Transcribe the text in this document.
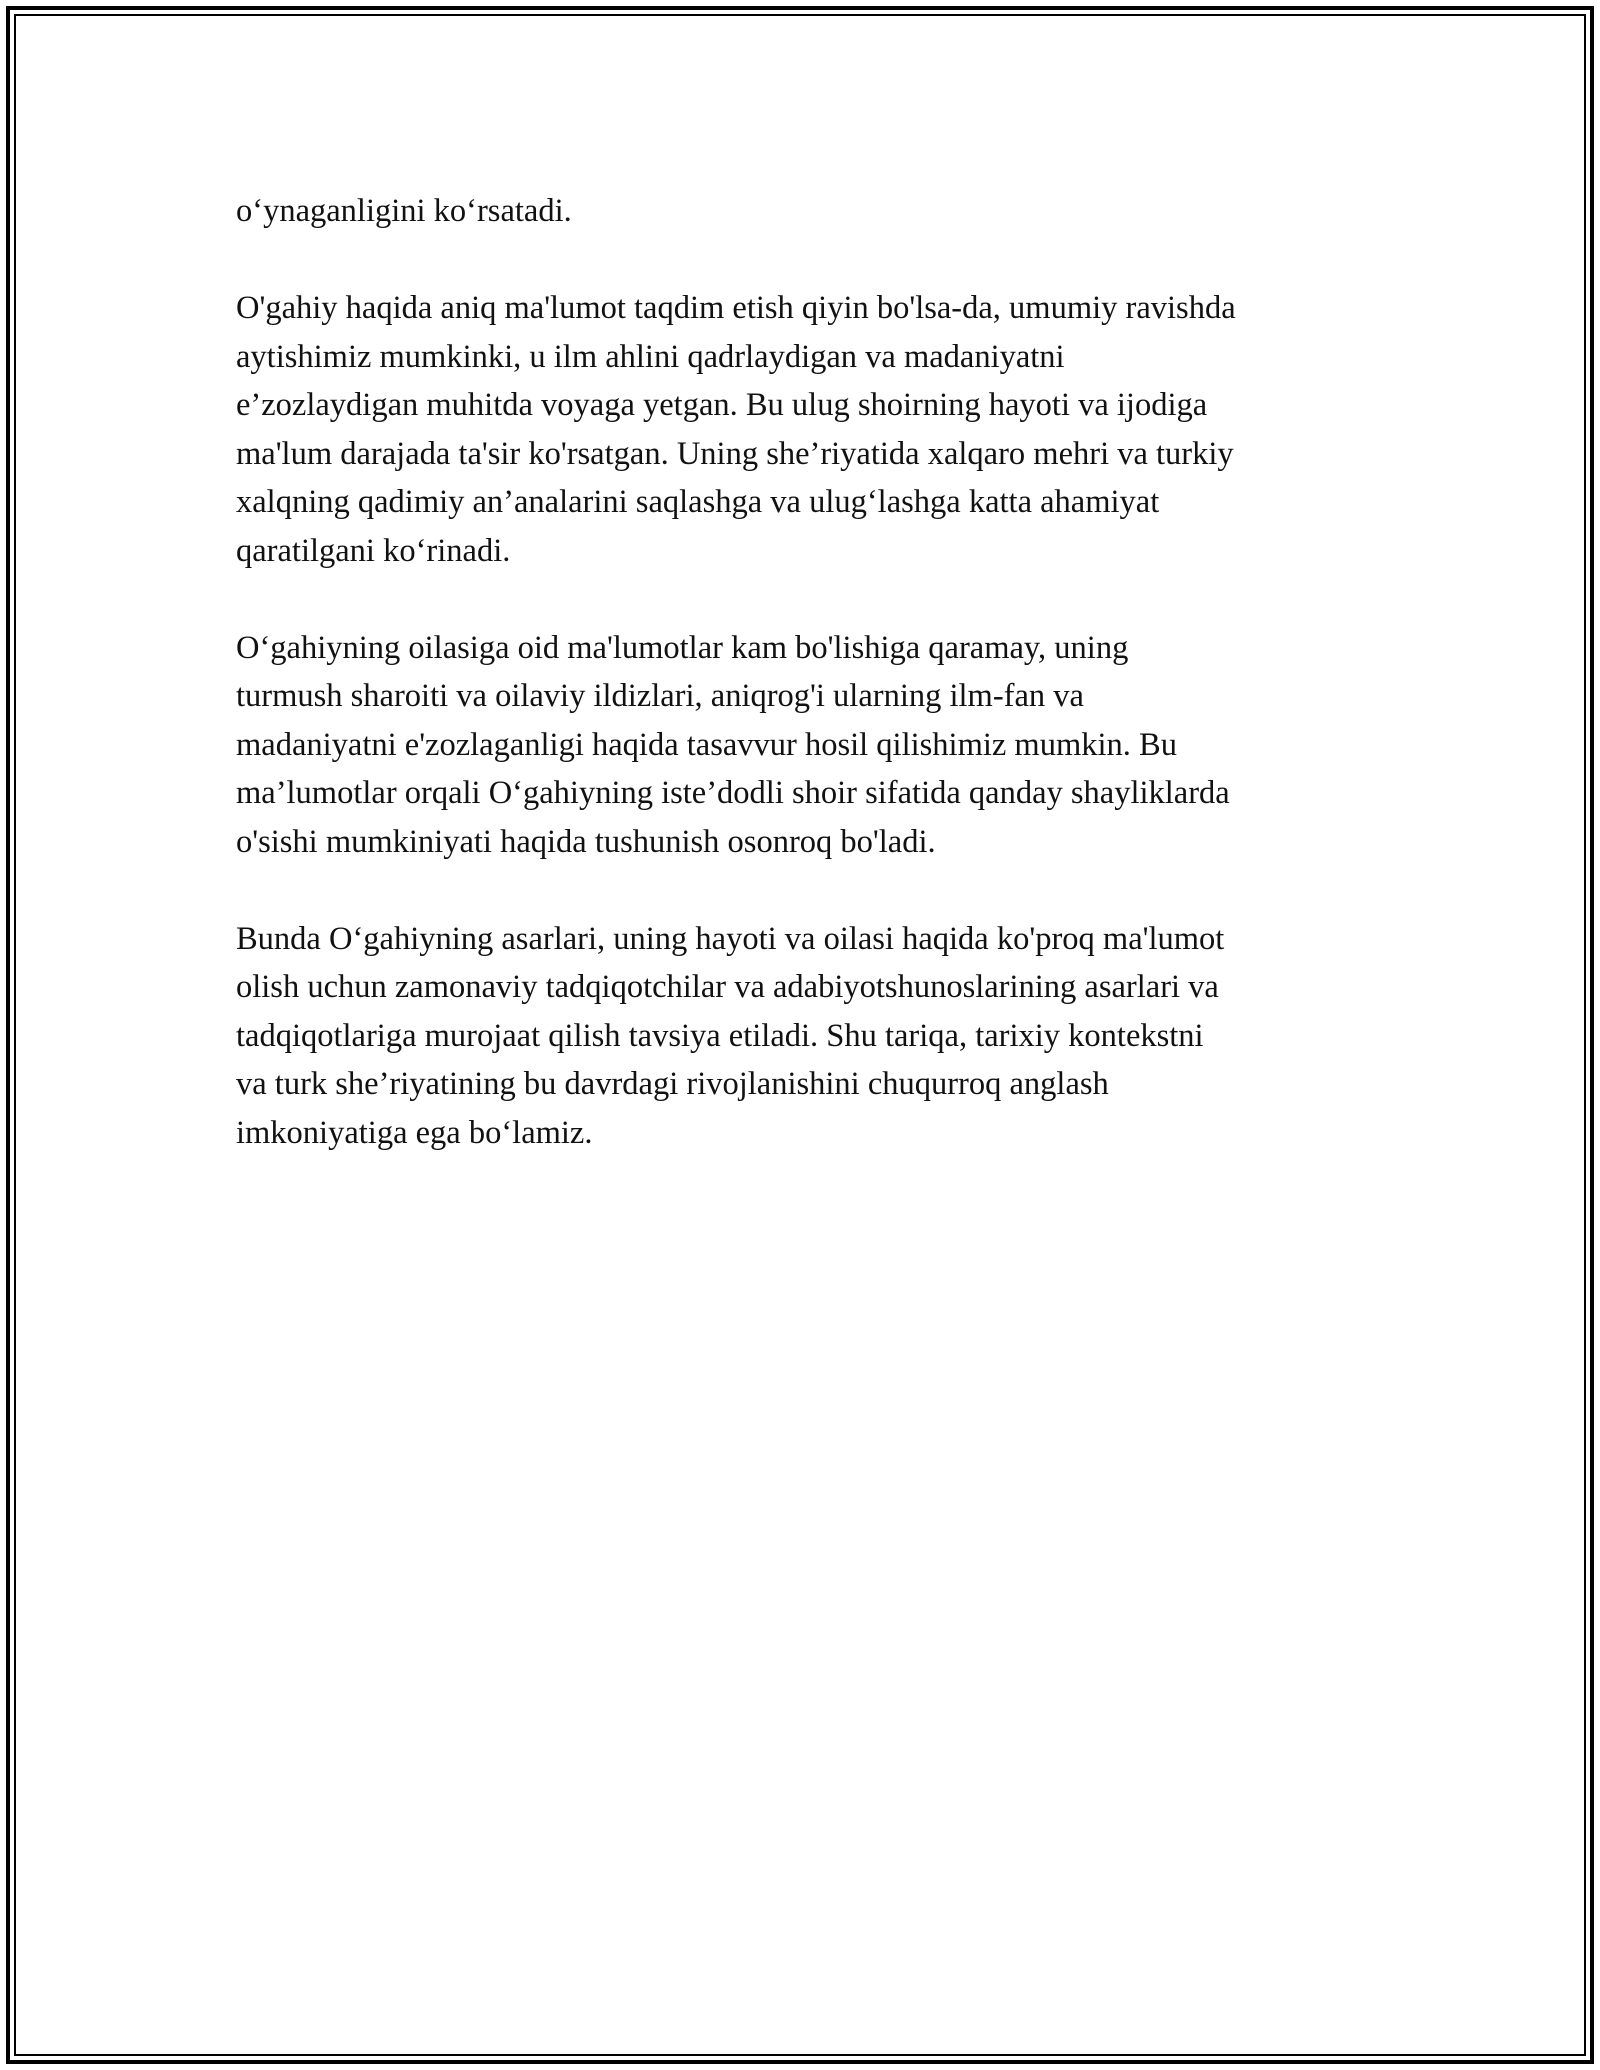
o‘ynaganligini ko‘rsatadi.

O'gahiy haqida aniq ma'lumot taqdim etish qiyin bo'lsa-da, umumiy ravishda
aytishimiz mumkinki, u ilm ahlini qadrlaydigan va madaniyatni
e’zozlaydigan muhitda voyaga yetgan. Bu ulug shoirning hayoti va ijodiga
ma'lum darajada ta'sir ko'rsatgan. Uning she’riyatida xalqaro mehri va turkiy
xalqning qadimiy an’analarini saqlashga va ulug‘lashga katta ahamiyat
qaratilgani ko‘rinadi.

O‘gahiyning oilasiga oid ma'lumotlar kam bo'lishiga qaramay, uning
turmush sharoiti va oilaviy ildizlari, aniqrog'i ularning ilm-fan va
madaniyatni e'zozlaganligi haqida tasavvur hosil qilishimiz mumkin. Bu
ma’lumotlar orqali O‘gahiyning iste’dodli shoir sifatida qanday shayliklarda
o'sishi mumkiniyati haqida tushunish osonroq bo'ladi.

Bunda O‘gahiyning asarlari, uning hayoti va oilasi haqida ko'proq ma'lumot
olish uchun zamonaviy tadqiqotchilar va adabiyotshunoslarining asarlari va
tadqiqotlariga murojaat qilish tavsiya etiladi. Shu tariqa, tarixiy kontekstni
va turk she’riyatining bu davrdagi rivojlanishini chuqurroq anglash
imkoniyatiga ega bo‘lamiz.
